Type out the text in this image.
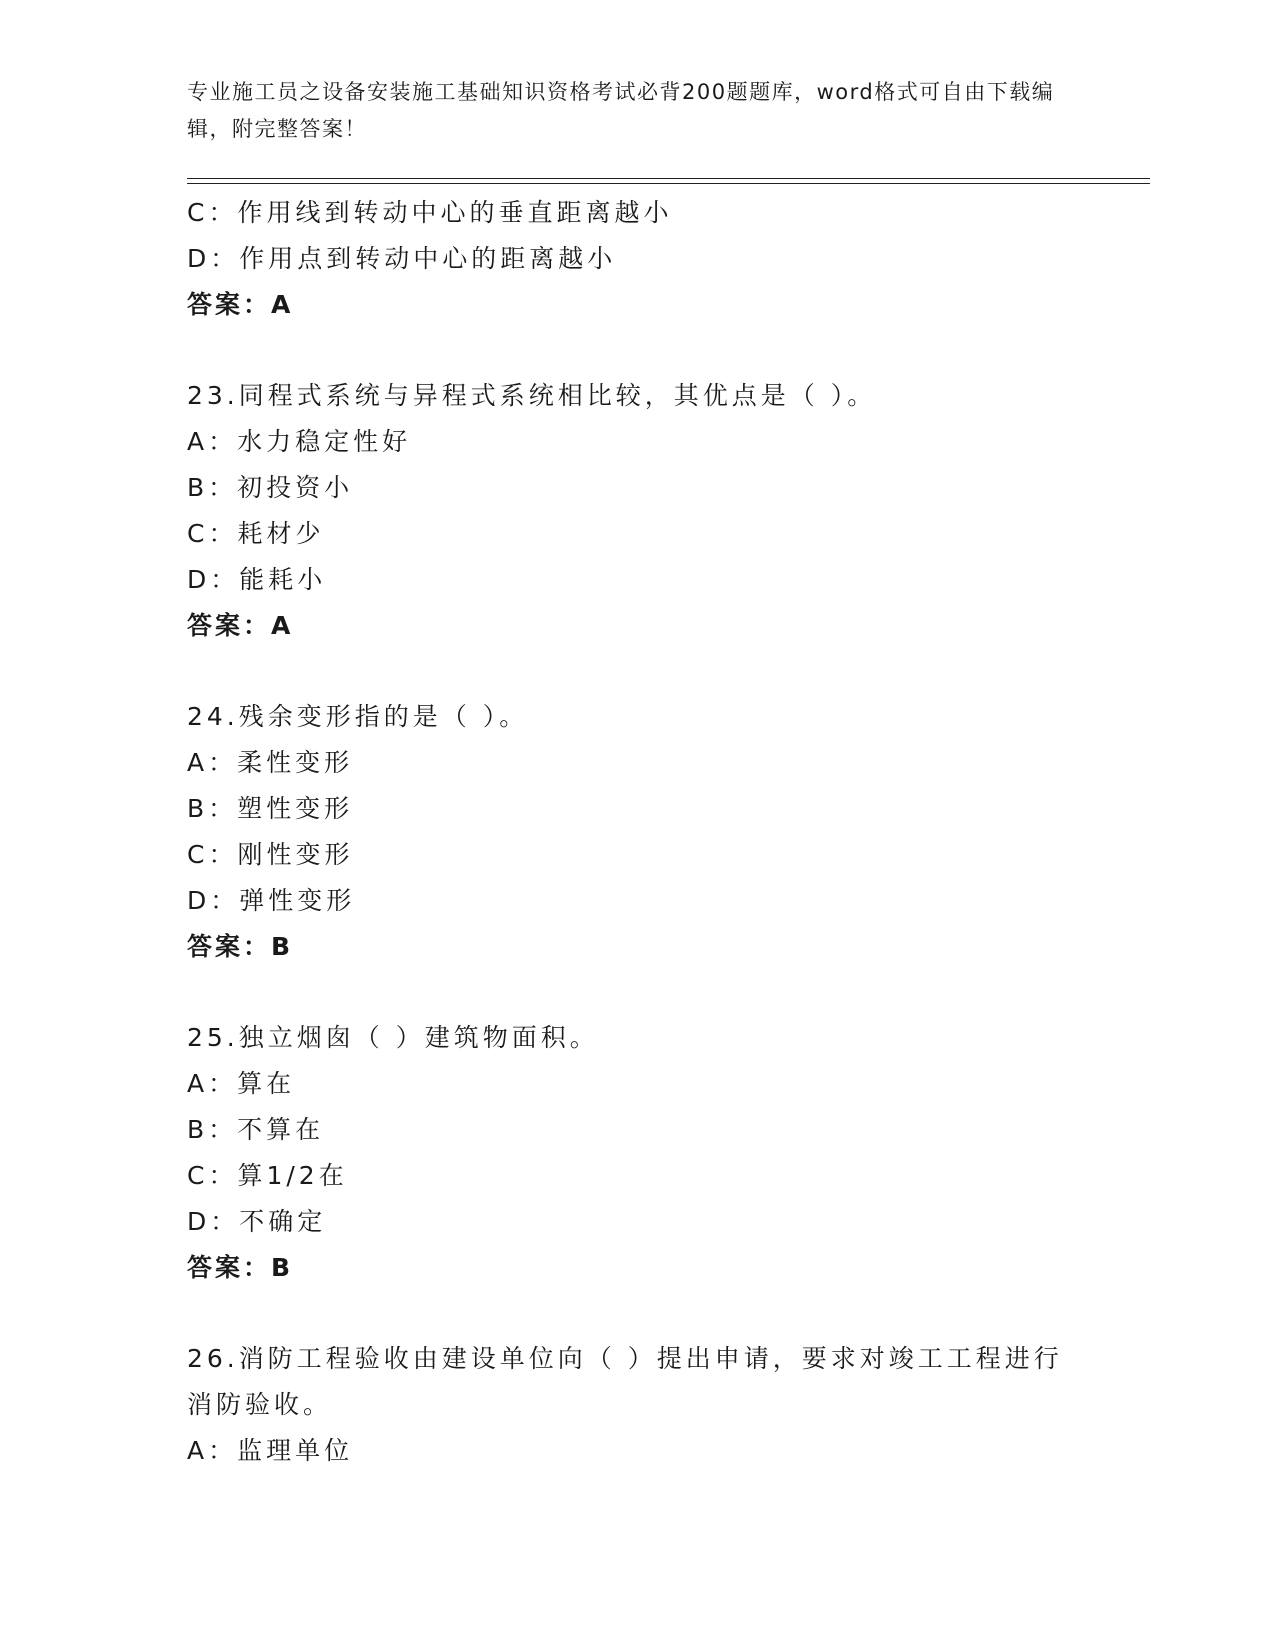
专业施工员之设备安装施工基础知识资格考试必背200题题库，word格式可自由下载编辑，附完整答案！
C：作用线到转动中心的垂直距离越小
D：作用点到转动中心的距离越小
答案：A
23.同程式系统与异程式系统相比较，其优点是（ ）。
A：水力稳定性好
B：初投资小
C：耗材少
D：能耗小
答案：A
24.残余变形指的是（ ）。
A：柔性变形
B：塑性变形
C：刚性变形
D：弹性变形
答案：B
25.独立烟囱（ ）建筑物面积。
A：算在
B：不算在
C：算1/2在
D：不确定
答案：B
26.消防工程验收由建设单位向（ ）提出申请，要求对竣工工程进行消防验收。
A：监理单位
